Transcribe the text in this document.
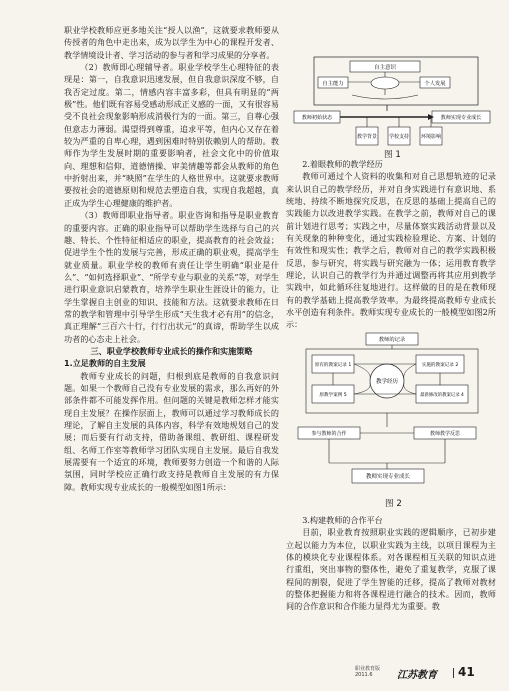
职业学校教师应更多地关注“授人以渔”，这就要求教师要从传授者的角色中走出来，成为以学生为中心的课程开发者、教学情境设计者、学习活动的参与者和学习成果的分享者。

（2）教师即心理辅导者。职业学校学生心理特征的表现是：第一，自我意识迅速发展，但自我意识深度不够，自我否定过度。第二，情感内容丰富多彩，但具有明显的“两极”性。他们既有容易受感动形成正义感的一面，又有很容易受不良社会现象影响形成消极行为的一面。第三，自尊心强但意志力薄弱。渴望得到尊重，追求平等，但内心又存在着较为严重的自卑心理，遇到困难时特别依赖别人的帮助。教师作为学生发展时期的重要影响者，社会文化中的价值取向、理想和信仰、道德情操、审美情趣等都会从教师的角色中折射出来，并“映照”在学生的人格世界中。这就要求教师要按社会的道德原则和规范去塑造自我，实现自我超越，真正成为学生心理健康的维护者。

（3）教师即职业指导者。职业咨询和指导是职业教育的重要内容。正确的职业指导可以帮助学生选择与自己的兴趣、特长、个性特征相适应的职业，提高教育的社会效益；促进学生个性的发展与完善，形成正确的职业观，提高学生就业质量。职业学校的教师有责任让学生明确“职业是什么”、“如何选择职业”、“所学专业与职业的关系”等，对学生进行职业意识启蒙教育，培养学生职业生涯设计的能力，让学生掌握自主创业的知识、技能和方法。这就要求教师在日常的教学和管理中引导学生形成“天生我才必有用”的信念，真正理解“三百六十行，行行出状元”的真谛，帮助学生以成功者的心态走上社会。

三、职业学校教师专业成长的操作和实施策略

1.立足教师的自主发展

教师专业成长的问题，归根到底是教师的自我意识问题。如果一个教师自己没有专业发展的需求，那么再好的外部条件都不可能发挥作用。但问题的关键是教师怎样才能实现自主发展？在操作层面上，教师可以通过学习教师成长的理论，了解自主发展的具体内容，科学有效地规划自己的发展；而后要有行动支持，借助备课组、教研组、课程研发组、名师工作室等教师学习团队实现自主发展。最后自我发展需要有一个适宜的环境，教师要努力创造一个和谐的人际氛围，同时学校应正确行政支持是教师自主发展的有力保障。教师实现专业成长的一般模型如图1所示：

自主意识
自主能力	个人发展
教师初始状态	教师实现专业成长
教学背景 学校支持 环境影响
图 1

2.着眼教师的教学经历

教师可通过个人资料的收集和对自己思想轨迹的记录来认识自己的教学经历，并对自身实践进行有意识地、系统地、持续不断地探究反思，在反思的基础上提高自己的实践能力以改进教学实践。在教学之前，教师对自己的课前计划进行思考；实践之中，尽量体察实践活动背景以及有关现象的种种变化，通过实践检验理论、方案、计划的有效性和现实性；教学之后，教师对自己的教学实践积极反思，参与研究，将实践与研究融为一体；运用教育教学理论，认识自己的教学行为并通过调整再将其应用到教学实践中，如此循环往复地进行。这样做的目的是在教师现有的教学基础上提高教学效率。为最终提高教师专业成长水平创造有利条件。教师实现专业成长的一般模型如图2所示：

教师的记录
原有的教案记录 1	实施的教案记录 2
原教学案例 5	最新修改的教案记录 4
教学经历
参与教师的合作	教师教学反思
教师实现专业成长
图 2

3.构建教师的合作平台

目前，职业教育按照职业实践的逻辑顺序，已初步建立起以能力为本位，以职业实践为主线，以项目课程为主体的模块化专业课程体系。对各课程相互关联的知识点进行重组，突出事物的整体性，避免了重复教学，克服了课程间的割裂，促进了学生智能的迁移，提高了教师对教材的整体把握能力和将各课程进行融合的技术。因而，教师间的合作意识和合作能力显得尤为重要。教

职业教育版
2011.6	江苏教育 41
